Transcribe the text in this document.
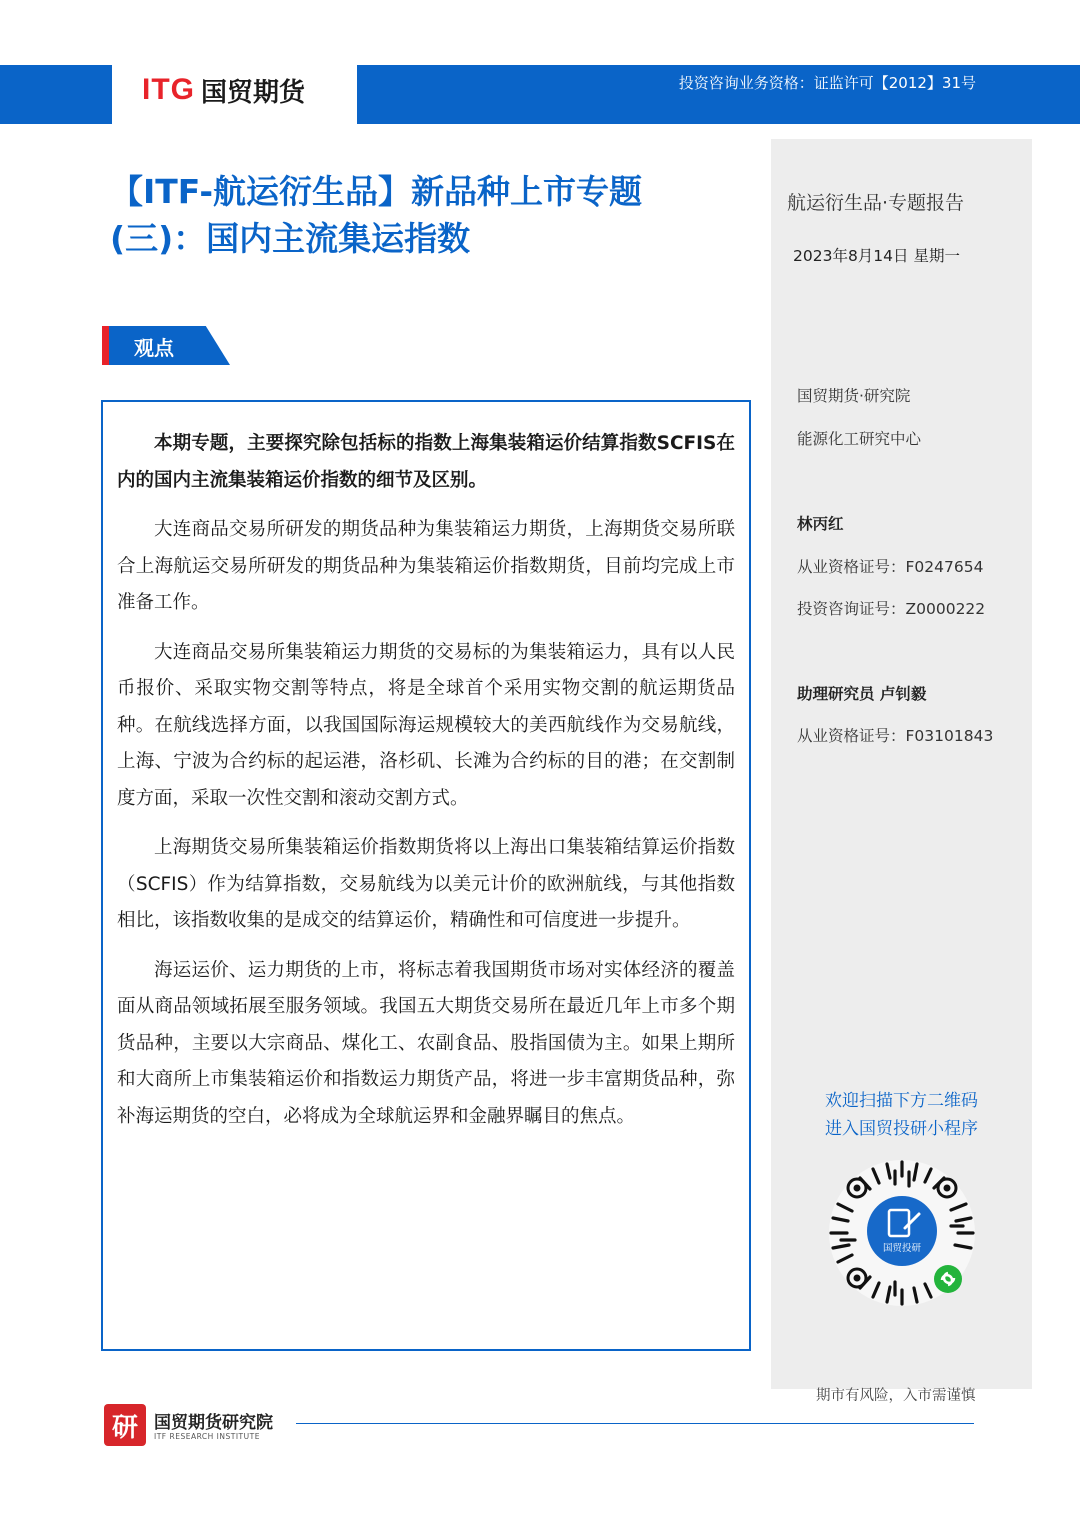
ITG 国贸期货	投资咨询业务资格：证监许可【2012】31号
【ITF-航运衍生品】新品种上市专题
(三)：国内主流集运指数
观点

本期专题，主要探究除包括标的指数上海集装箱运价结算指数SCFIS在内的国内主流集装箱运价指数的细节及区别。

大连商品交易所研发的期货品种为集装箱运力期货，上海期货交易所联合上海航运交易所研发的期货品种为集装箱运价指数期货，目前均完成上市准备工作。

大连商品交易所集装箱运力期货的交易标的为集装箱运力，具有以人民币报价、采取实物交割等特点，将是全球首个采用实物交割的航运期货品种。在航线选择方面，以我国国际海运规模较大的美西航线作为交易航线，上海、宁波为合约标的起运港，洛杉矶、长滩为合约标的目的港；在交割制度方面，采取一次性交割和滚动交割方式。

上海期货交易所集装箱运价指数期货将以上海出口集装箱结算运价指数（SCFIS）作为结算指数，交易航线为以美元计价的欧洲航线，与其他指数相比，该指数收集的是成交的结算运价，精确性和可信度进一步提升。

海运运价、运力期货的上市，将标志着我国期货市场对实体经济的覆盖面从商品领域拓展至服务领域。我国五大期货交易所在最近几年上市多个期货品种，主要以大宗商品、煤化工、农副食品、股指国债为主。如果上期所和大商所上市集装箱运价和指数运力期货产品，将进一步丰富期货品种，弥补海运期货的空白，必将成为全球航运界和金融界瞩目的焦点。

航运衍生品·专题报告
2023年8月14日 星期一
国贸期货·研究院
能源化工研究中心
林丙红
从业资格证号：F0247654
投资咨询证号：Z0000222
助理研究员 卢钊毅
从业资格证号：F03101843
欢迎扫描下方二维码
进入国贸投研小程序
国贸投研
期市有风险，入市需谨慎
研 国贸期货研究院
ITF RESEARCH INSTITUTE
